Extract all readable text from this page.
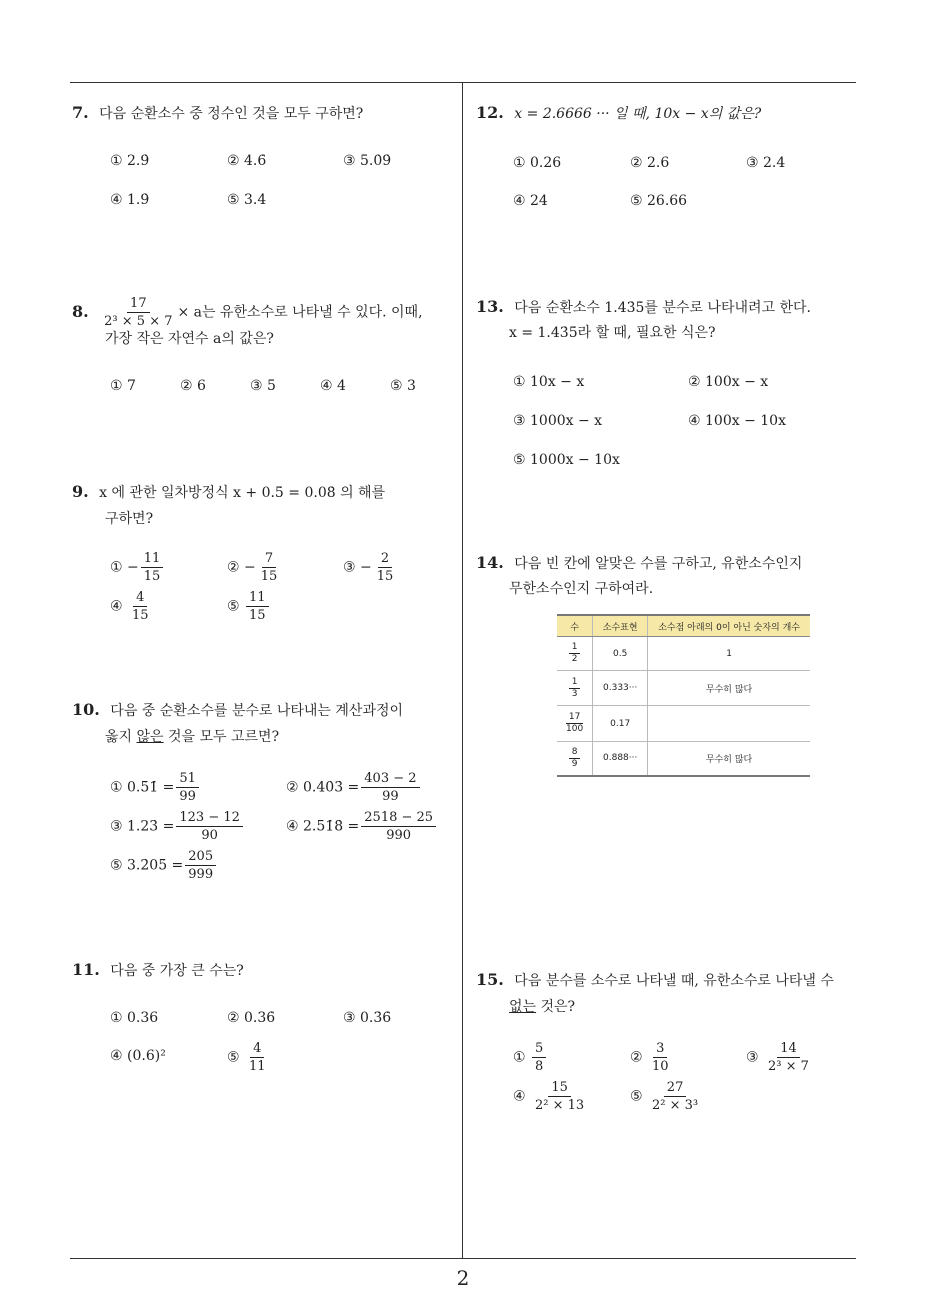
7. 다음 순환소수 중 정수인 것을 모두 구하면?
① 2.9̇	② 4.6̇	③ 5.0̇9̇
④ 1.9̇	⑤ 3.4̇
8. $\frac{17}{\text{2³ × 5 × 7}} \times a$는 유한소수로 나타낼 수 있다. 이때,
가장 작은 자연수 a의 값은?
① 7	② 6	③ 5	④ 4	⑤ 3
9. x 에 관한 일차방정식 x + 0.5̇ = 0.08̇ 의 해를
구하면?
① − $\frac{11}{15}$	② − $\frac{7}{15}$	③ − $\frac{2}{15}$
④ $\frac{4}{15}$	⑤ $\frac{11}{15}$
10. 다음 중 순환소수를 분수로 나타내는 계산과정이
옳지 않은 것을 모두 고르면?
① 0.5̇1̇ = $\frac{51}{99}$	② 0.40̇3̇ = $\frac{403 - 2}{99}$
③ 1.23̇ = $\frac{123 - 12}{90}$	④ 2.51̇8̇ = $\frac{2518 - 25}{990}$
⑤ 3.2̇05̇ = $\frac{205}{999}$
11. 다음 중 가장 큰 수는?
① 0.36	② 0.36̇	③ 0.3̇6̇
④ (0.6)²	⑤ $\frac{4}{11}$
12. x = 2.6666 ··· 일 때, 10x − x의 값은?
① 0.26	② 2.6	③ 2.4
④ 24	⑤ 26.66
13. 다음 순환소수 1.43̇5̇를 분수로 나타내려고 한다.
x = 1.43̇5̇라 할 때, 필요한 식은?
① 10x − x	② 100x − x
③ 1000x − x	④ 100x − 10x
⑤ 1000x − 10x
14. 다음 빈 칸에 알맞은 수를 구하고, 유한소수인지
무한소수인지 구하여라.
수	소수표현	소수점 아래의 0이 아닌 숫자의 개수

$\frac{1}{2}$	0.5	1

$\frac{1}{3}$	0.333···	무수히 많다

$\frac{17}{100}$	0.17	

$\frac{8}{9}$	0.888···	무수히 많다
15. 다음 분수를 소수로 나타낼 때, 유한소수로 나타낼 수
없는 것은?
① $\frac{5}{8}$	② $\frac{3}{10}$	③ $\frac{14}{\text{2³ × 7}}$
④ $\frac{15}{\text{2² × 13}}$	⑤ $\frac{27}{\text{2² × 3³}}$
2
